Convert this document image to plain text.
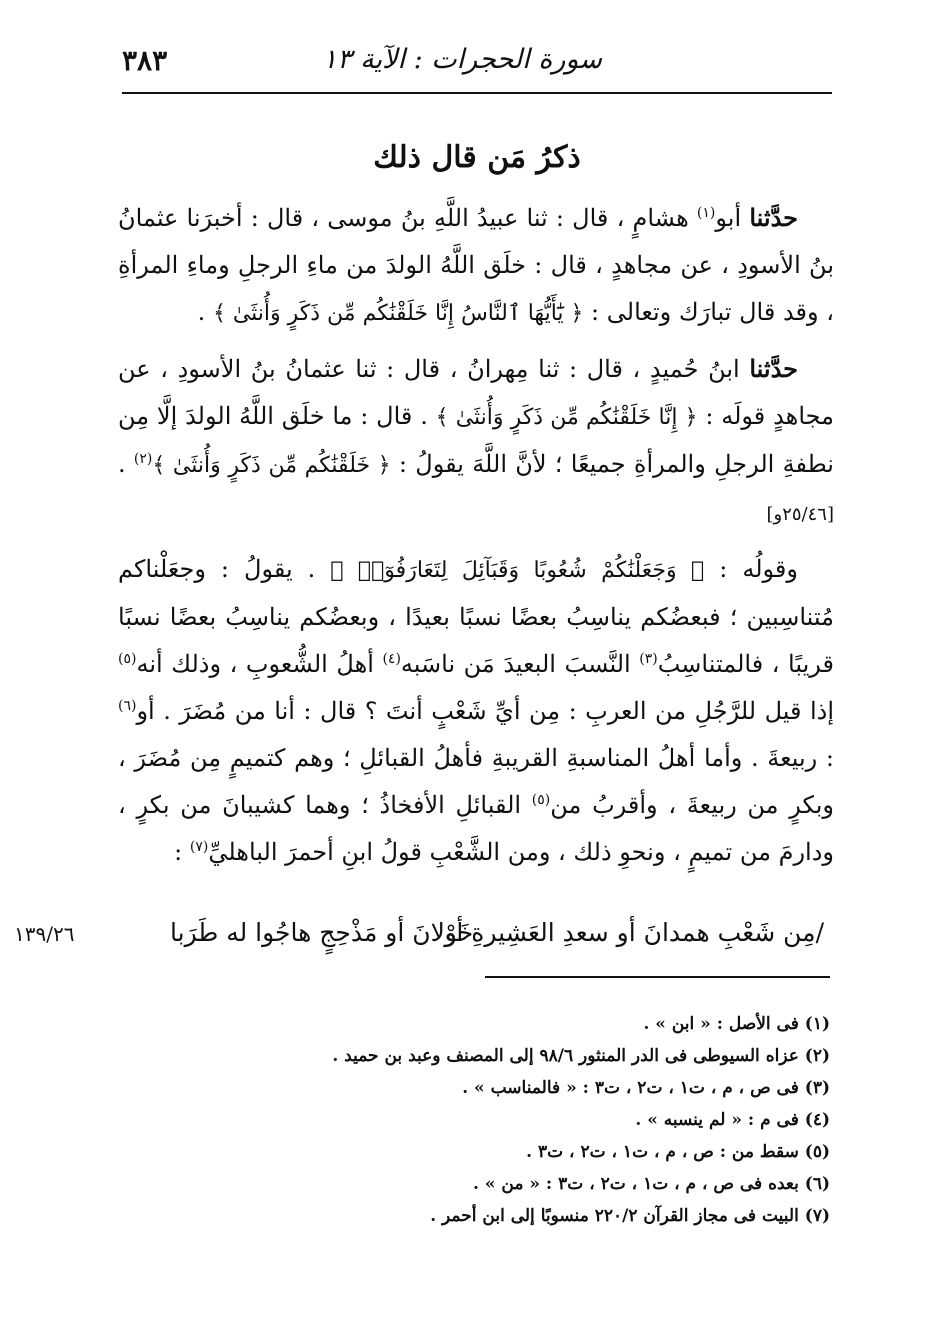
٣٨٣	سورة الحجرات : الآية ١٣
ذكرُ مَن قال ذلك

حدَّثنا أبو$^{(١)}$ هشامٍ ، قال : ثنا عبيدُ اللَّهِ بنُ موسى ، قال : أخبرَنا عثمانُ بنُ الأسودِ ، عن مجاهدٍ ، قال : خلَق اللَّهُ الولدَ من ماءِ الرجلِ وماءِ المرأةِ ، وقد قال تبارَك وتعالى : ﴿ يَٰٓأَيُّهَا ٱلنَّاسُ إِنَّا خَلَقْنَٰكُم مِّن ذَكَرٍ وَأُنثَىٰ ﴾ .

حدَّثنا ابنُ حُميدٍ ، قال : ثنا مِهرانُ ، قال : ثنا عثمانُ بنُ الأسودِ ، عن مجاهدٍ قولَه : ﴿ إِنَّا خَلَقْنَٰكُم مِّن ذَكَرٍ وَأُنثَىٰ ﴾ . قال : ما خلَق اللَّهُ الولدَ إلَّا مِن نطفةِ الرجلِ والمرأةِ جميعًا ؛ لأنَّ اللَّهَ يقولُ : ﴿ خَلَقْنَٰكُم مِّن ذَكَرٍ وَأُنثَىٰ ﴾$^{(٢)}$ . [٢٥/٤٦و]

وقولُه : ﴿ وَجَعَلْنَٰكُمْ شُعُوبًا وَقَبَآئِلَ لِتَعَارَفُوٓا۟ ﴾ . يقولُ : وجعَلْناكم مُتناسِبين ؛ فبعضُكم يناسِبُ بعضًا نسبًا بعيدًا ، وبعضُكم يناسِبُ بعضًا نسبًا قريبًا ، فالمتناسِبُ$^{(٣)}$ النَّسبَ البعيدَ مَن ناسَبه$^{(٤)}$ أهلُ الشُّعوبِ ، وذلك أنه$^{(٥)}$ إذا قيل للرَّجُلِ من العربِ : مِن أيِّ شَعْبٍ أنتَ ؟ قال : أنا من مُضَرَ . أو$^{(٦)}$ : ربيعةَ . وأما أهلُ المناسبةِ القريبةِ فأهلُ القبائلِ ؛ وهم كتميمٍ مِن مُضَرَ ، وبكرٍ من ربيعةَ ، وأقربُ من$^{(٥)}$ القبائلِ الأفخاذُ ؛ وهما كشيبانَ من بكرٍ ، ودارمَ من تميمٍ ، ونحوِ ذلك ، ومن الشَّعْبِ قولُ ابنِ أحمرَ الباهليِّ$^{(٧)}$ :

/مِن شَعْبِ همدانَ أو سعدِ العَشِيرةِ أو
خَوْلانَ أو مَذْحِجٍ هاجُوا له طَرَبا
١٣٩/٢٦
(١) فى الأصل : « ابن » .
(٢) عزاه السيوطى فى الدر المنثور ٩٨/٦ إلى المصنف وعبد بن حميد .
(٣) فى ص ، م ، ت١ ، ت٢ ، ت٣ : « فالمناسب » .
(٤) فى م : « لم ينسبه » .
(٥) سقط من : ص ، م ، ت١ ، ت٢ ، ت٣ .
(٦) بعده فى ص ، م ، ت١ ، ت٢ ، ت٣ : « من » .
(٧) البيت فى مجاز القرآن ٢٢٠/٢ منسوبًا إلى ابن أحمر .
